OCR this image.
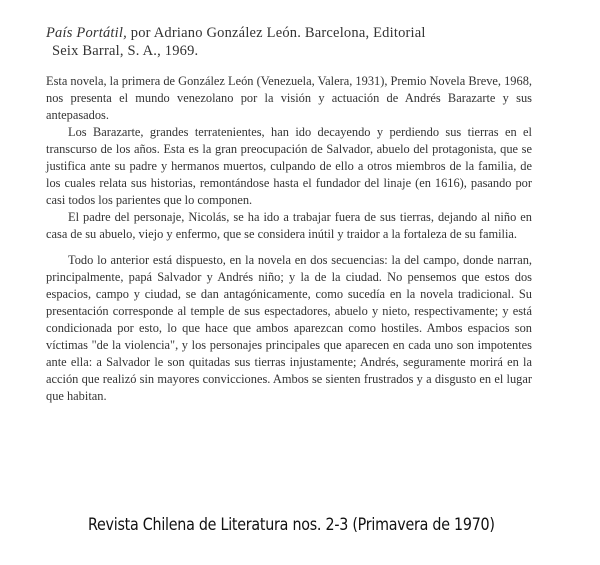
País Portátil, por Adriano González León. Barcelona, Editorial
Seix Barral, S. A., 1969.

Esta novela, la primera de González León (Venezuela, Valera, 1931), Premio Novela Breve, 1968, nos presenta el mundo venezolano por la visión y actuación de Andrés Barazarte y sus antepasados.

Los Barazarte, grandes terratenientes, han ido decayendo y perdiendo sus tierras en el transcurso de los años. Esta es la gran preocupación de Salvador, abuelo del protagonista, que se justifica ante su padre y hermanos muertos, culpando de ello a otros miembros de la familia, de los cuales relata sus historias, remontándose hasta el fundador del linaje (en 1616), pasando por casi todos los parientes que lo componen.

El padre del personaje, Nicolás, se ha ido a trabajar fuera de sus tierras, dejando al niño en casa de su abuelo, viejo y enfermo, que se considera inútil y traidor a la fortaleza de su familia.

Todo lo anterior está dispuesto, en la novela en dos secuencias: la del campo, donde narran, principalmente, papá Salvador y Andrés niño; y la de la ciudad. No pensemos que estos dos espacios, campo y ciudad, se dan antagónicamente, como sucedía en la novela tradicional. Su presentación corresponde al temple de sus espectadores, abuelo y nieto, respectivamente; y está condicionada por esto, lo que hace que ambos aparezcan como hostiles. Ambos espacios son víctimas "de la violencia", y los personajes principales que aparecen en cada uno son impotentes ante ella: a Salvador le son quitadas sus tierras injustamente; Andrés, seguramente morirá en la acción que realizó sin mayores convicciones. Ambos se sienten frustrados y a disgusto en el lugar que habitan.

Revista Chilena de Literatura nos. 2-3 (Primavera de 1970)
